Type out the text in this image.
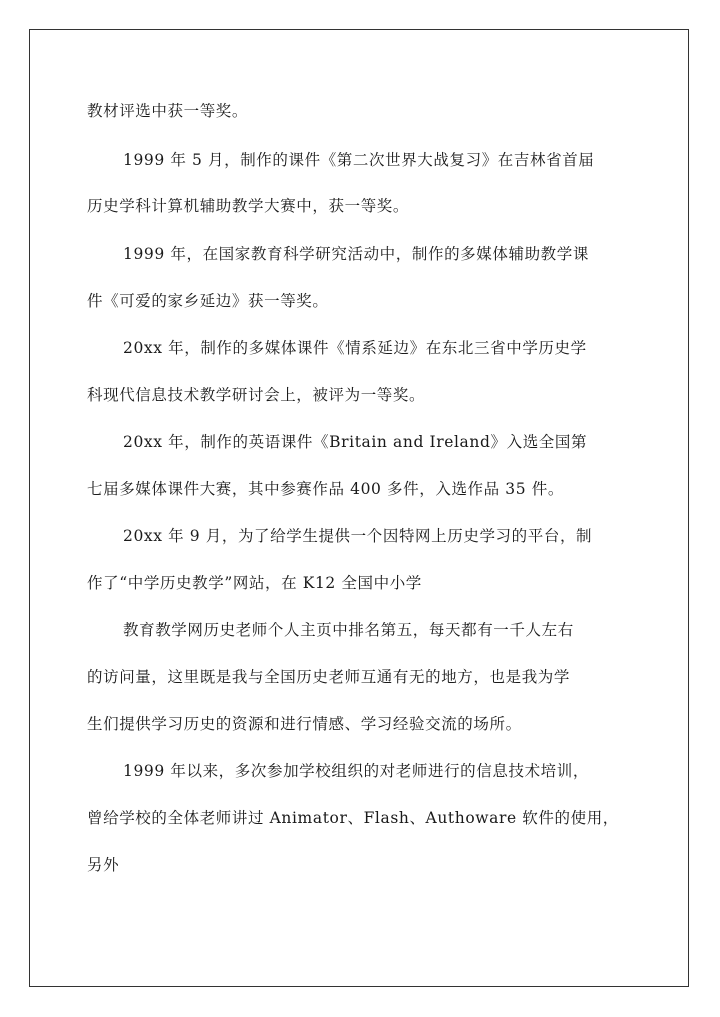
教材评选中获一等奖。
1999 年 5 月，制作的课件《第二次世界大战复习》在吉林省首届
历史学科计算机辅助教学大赛中，获一等奖。
1999 年，在国家教育科学研究活动中，制作的多媒体辅助教学课
件《可爱的家乡延边》获一等奖。
20xx 年，制作的多媒体课件《情系延边》在东北三省中学历史学
科现代信息技术教学研讨会上，被评为一等奖。
20xx 年，制作的英语课件《Britain and Ireland》入选全国第
七届多媒体课件大赛，其中参赛作品 400 多件，入选作品 35 件。
20xx 年 9 月，为了给学生提供一个因特网上历史学习的平台，制
作了“中学历史教学”网站，在 K12 全国中小学
教育教学网历史老师个人主页中排名第五，每天都有一千人左右
的访问量，这里既是我与全国历史老师互通有无的地方，也是我为学
生们提供学习历史的资源和进行情感、学习经验交流的场所。
1999 年以来，多次参加学校组织的对老师进行的信息技术培训，
曾给学校的全体老师讲过 Animator、Flash、Authoware 软件的使用，
另外
